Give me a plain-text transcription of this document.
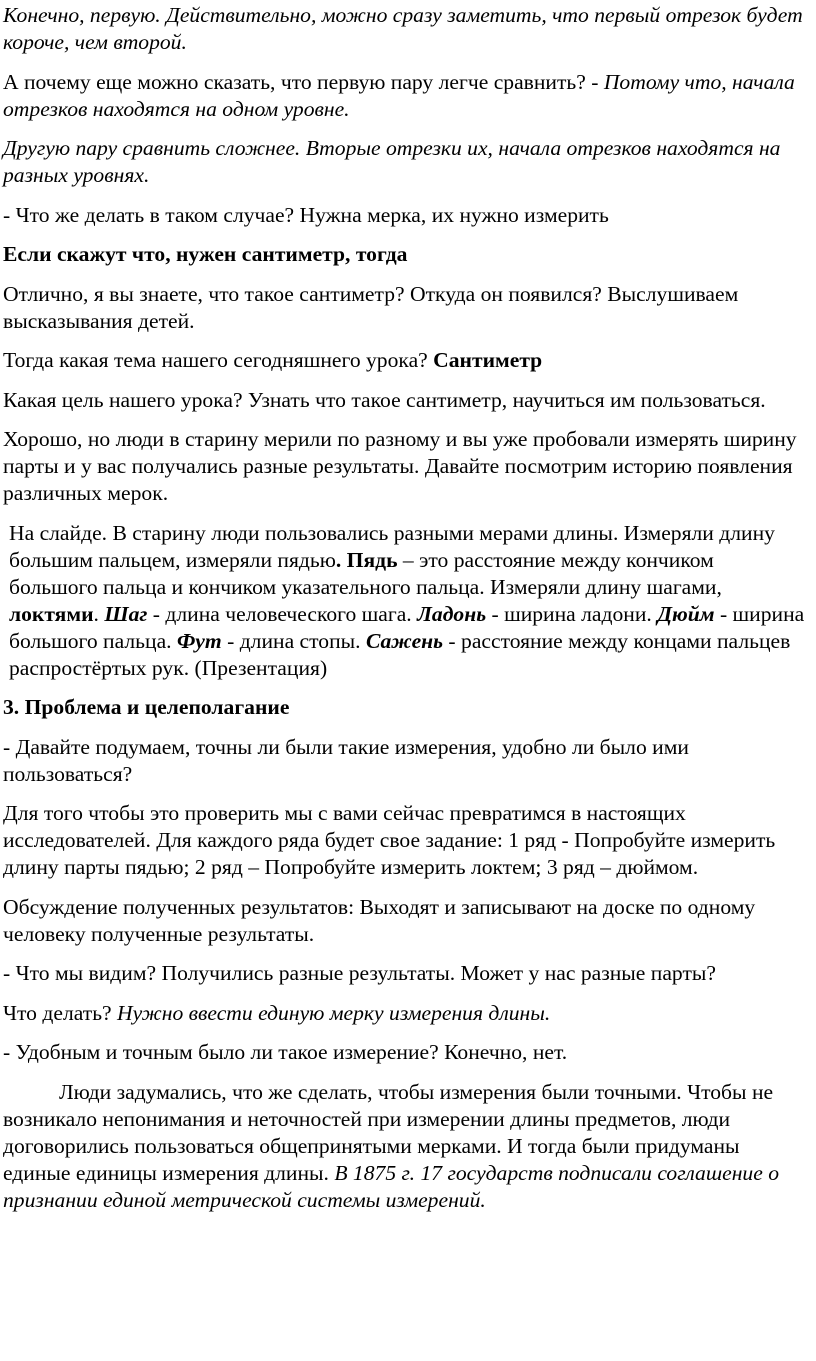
Конечно, первую. Действительно, можно сразу заметить, что первый отрезок будет короче, чем второй.

А почему еще можно сказать, что первую пару легче сравнить? - Потому что, начала отрезков находятся на одном уровне.

Другую пару сравнить сложнее. Вторые отрезки их, начала отрезков находятся на разных уровнях.

- Что же делать в таком случае? Нужна мерка, их нужно измерить

Если скажут что, нужен сантиметр, тогда

Отлично, я вы знаете, что такое сантиметр? Откуда он появился? Выслушиваем высказывания детей.

Тогда какая тема нашего сегодняшнего урока? Сантиметр

Какая цель нашего урока? Узнать что такое сантиметр, научиться им пользоваться.

Хорошо, но люди в старину мерили по разному и вы уже пробовали измерять ширину парты и у вас получались разные результаты. Давайте посмотрим историю появления различных мерок.

На слайде. В старину люди пользовались разными мерами длины. Измеряли длину большим пальцем, измеряли пядью. Пядь – это расстояние между кончиком большого пальца и кончиком указательного пальца. Измеряли длину шагами, локтями. Шаг - длина человеческого шага. Ладонь - ширина ладони. Дюйм - ширина большого пальца. Фут - длина стопы. Сажень - расстояние между концами пальцев распростёртых рук. (Презентация)

3. Проблема и целеполагание

- Давайте подумаем, точны ли были такие измерения, удобно ли было ими пользоваться?

Для того чтобы это проверить мы с вами сейчас превратимся в настоящих исследователей. Для каждого ряда будет свое задание: 1 ряд - Попробуйте измерить длину парты пядью; 2 ряд – Попробуйте измерить локтем; 3 ряд – дюймом.

Обсуждение полученных результатов: Выходят и записывают на доске по одному человеку полученные результаты.

- Что мы видим? Получились разные результаты. Может у нас разные парты?

Что делать? Нужно ввести единую мерку измерения длины.

- Удобным и точным было ли такое измерение? Конечно, нет.

Люди задумались, что же сделать, чтобы измерения были точными. Чтобы не возникало непонимания и неточностей при измерении длины предметов, люди договорились пользоваться общепринятыми мерками. И тогда были придуманы единые единицы измерения длины. В 1875 г. 17 государств подписали соглашение о признании единой метрической системы измерений.
